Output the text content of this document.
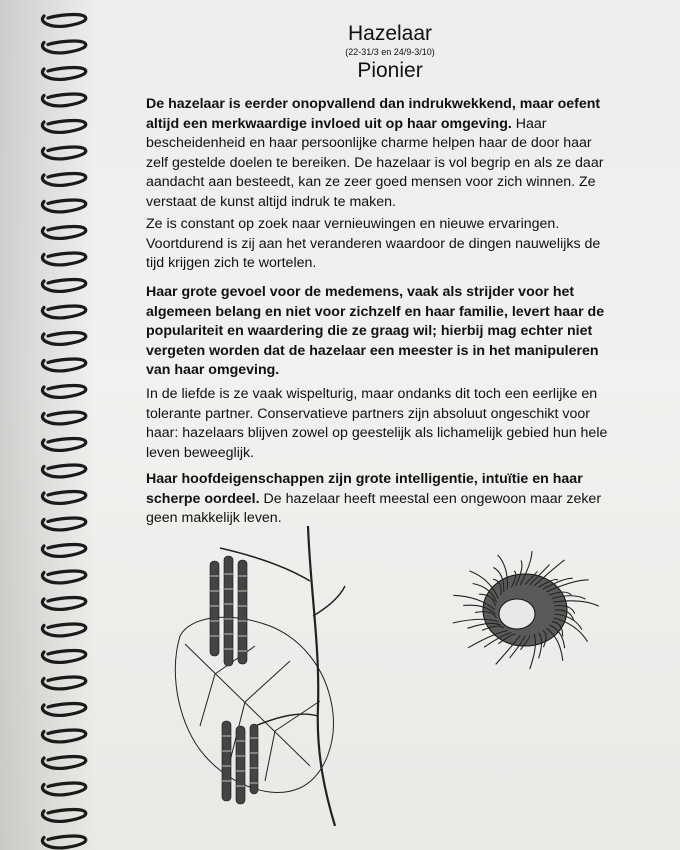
Hazelaar
(22-31/3 en 24/9-3/10)
Pionier
De hazelaar is eerder onopvallend dan indrukwekkend, maar oefent altijd een merkwaardige invloed uit op haar omgeving. Haar bescheidenheid en haar persoonlijke charme helpen haar de door haar zelf gestelde doelen te bereiken. De hazelaar is vol begrip en als ze daar aandacht aan besteedt, kan ze zeer goed mensen voor zich winnen. Ze verstaat de kunst altijd indruk te maken.
Ze is constant op zoek naar vernieuwingen en nieuwe ervaringen. Voortdurend is zij aan het veranderen waardoor de dingen nauwelijks de tijd krijgen zich te wortelen.
Haar grote gevoel voor de medemens, vaak als strijder voor het algemeen belang en niet voor zichzelf en haar familie, levert haar de populariteit en waardering die ze graag wil; hierbij mag echter niet vergeten worden dat de hazelaar een meester is in het manipuleren van haar omgeving.
In de liefde is ze vaak wispelturig, maar ondanks dit toch een eerlijke en tolerante partner. Conservatieve partners zijn absoluut ongeschikt voor haar: hazelaars blijven zowel op geestelijk als lichamelijk gebied hun hele leven beweeglijk.
Haar hoofdeigenschappen zijn grote intelligentie, intuïtie en haar scherpe oordeel. De hazelaar heeft meestal een ongewoon maar zeker geen makkelijk leven.
